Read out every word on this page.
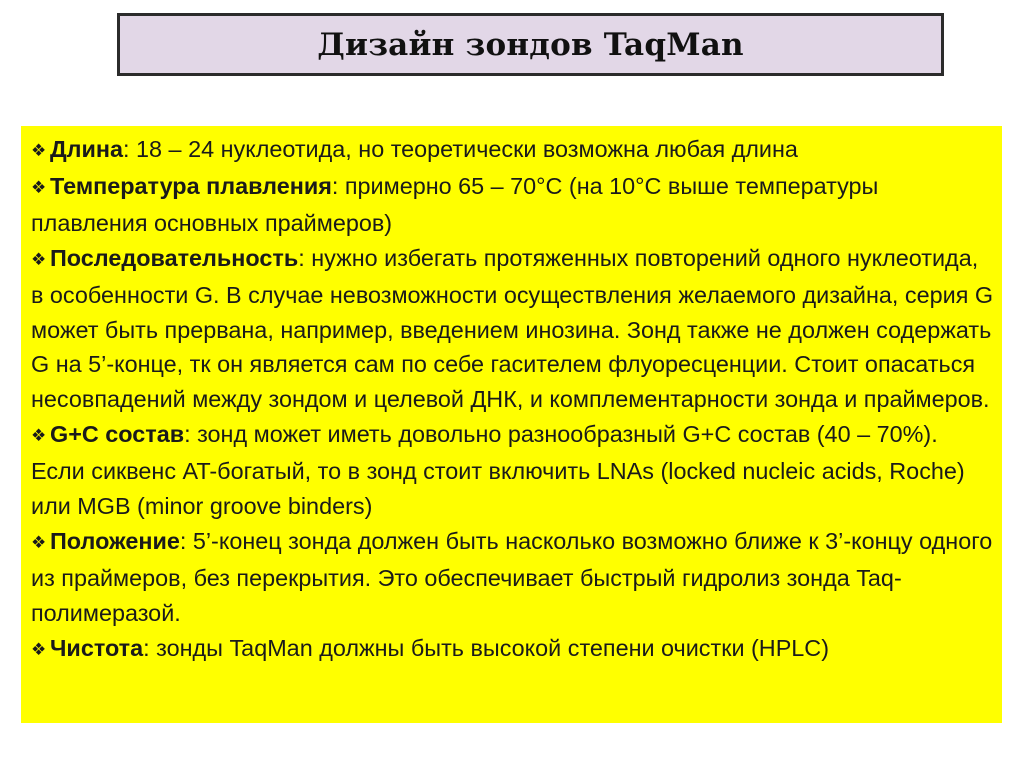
Дизайн зондов TaqMan

❖ Длина: 18 – 24 нуклеотида, но теоретически возможна любая длина

❖ Температура плавления: примерно 65 – 70°C (на 10°C выше температуры плавления основных праймеров)

❖ Последовательность: нужно избегать протяженных повторений одного нуклеотида, в особенности G. В случае невозможности осуществления желаемого дизайна, серия G может быть прервана, например, введением инозина. Зонд также не должен содержать G на 5’-конце, тк он является сам по себе гасителем флуоресценции. Стоит опасаться несовпадений между зондом и целевой ДНК, и комплементарности зонда и праймеров.

❖ G+C состав: зонд может иметь довольно разнообразный G+C состав (40 – 70%). Если сиквенс AT-богатый, то в зонд стоит включить LNAs (locked nucleic acids, Roche) или MGB (minor groove binders)

❖ Положение: 5’-конец зонда должен быть насколько возможно ближе к 3’-концу одного из праймеров, без перекрытия. Это обеспечивает быстрый гидролиз зонда Taq-полимеразой.

❖ Чистота: зонды TaqMan должны быть высокой степени очистки (HPLC)
